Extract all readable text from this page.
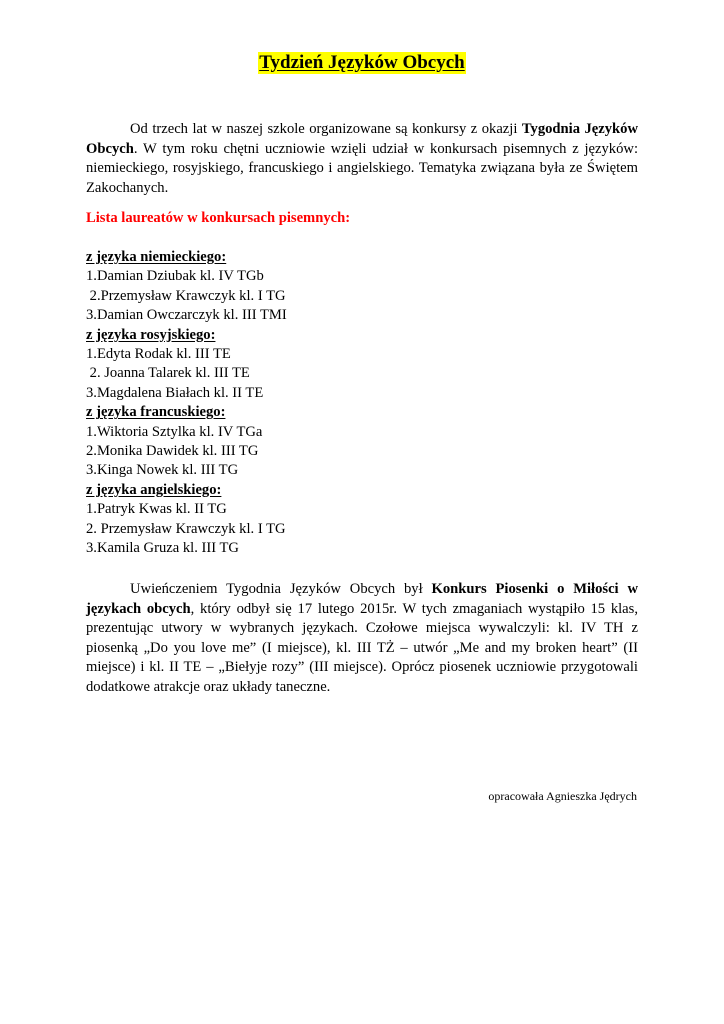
Tydzień Języków Obcych

Od trzech lat w naszej szkole organizowane są konkursy z okazji Tygodnia Języków Obcych. W tym roku chętni uczniowie wzięli udział w konkursach pisemnych z języków: niemieckiego, rosyjskiego, francuskiego i angielskiego. Tematyka związana była ze Świętem Zakochanych.

Lista laureatów w konkursach pisemnych:

z języka niemieckiego:
1.Damian Dziubak kl. IV TGb
2.Przemysław Krawczyk kl. I TG
3.Damian Owczarczyk kl. III TMI
z języka rosyjskiego:
1.Edyta Rodak kl. III TE
2. Joanna Talarek kl. III TE
3.Magdalena Białach kl. II TE
z języka francuskiego:
1.Wiktoria Sztylka kl. IV TGa
2.Monika Dawidek kl. III TG
3.Kinga Nowek kl. III TG
z języka angielskiego:
1.Patryk Kwas kl. II TG
2. Przemysław Krawczyk kl. I TG
3.Kamila Gruza kl. III TG

Uwieńczeniem Tygodnia Języków Obcych był Konkurs Piosenki o Miłości w językach obcych, który odbył się 17 lutego 2015r. W tych zmaganiach wystąpiło 15 klas, prezentując utwory w wybranych językach. Czołowe miejsca wywalczyli: kl. IV TH z piosenką „Do you love me” (I miejsce), kl. III TŻ – utwór „Me and my broken heart” (II miejsce) i kl. II TE – „Biełyje rozy” (III miejsce). Oprócz piosenek uczniowie przygotowali dodatkowe atrakcje oraz układy taneczne.

opracowała Agnieszka Jędrych
